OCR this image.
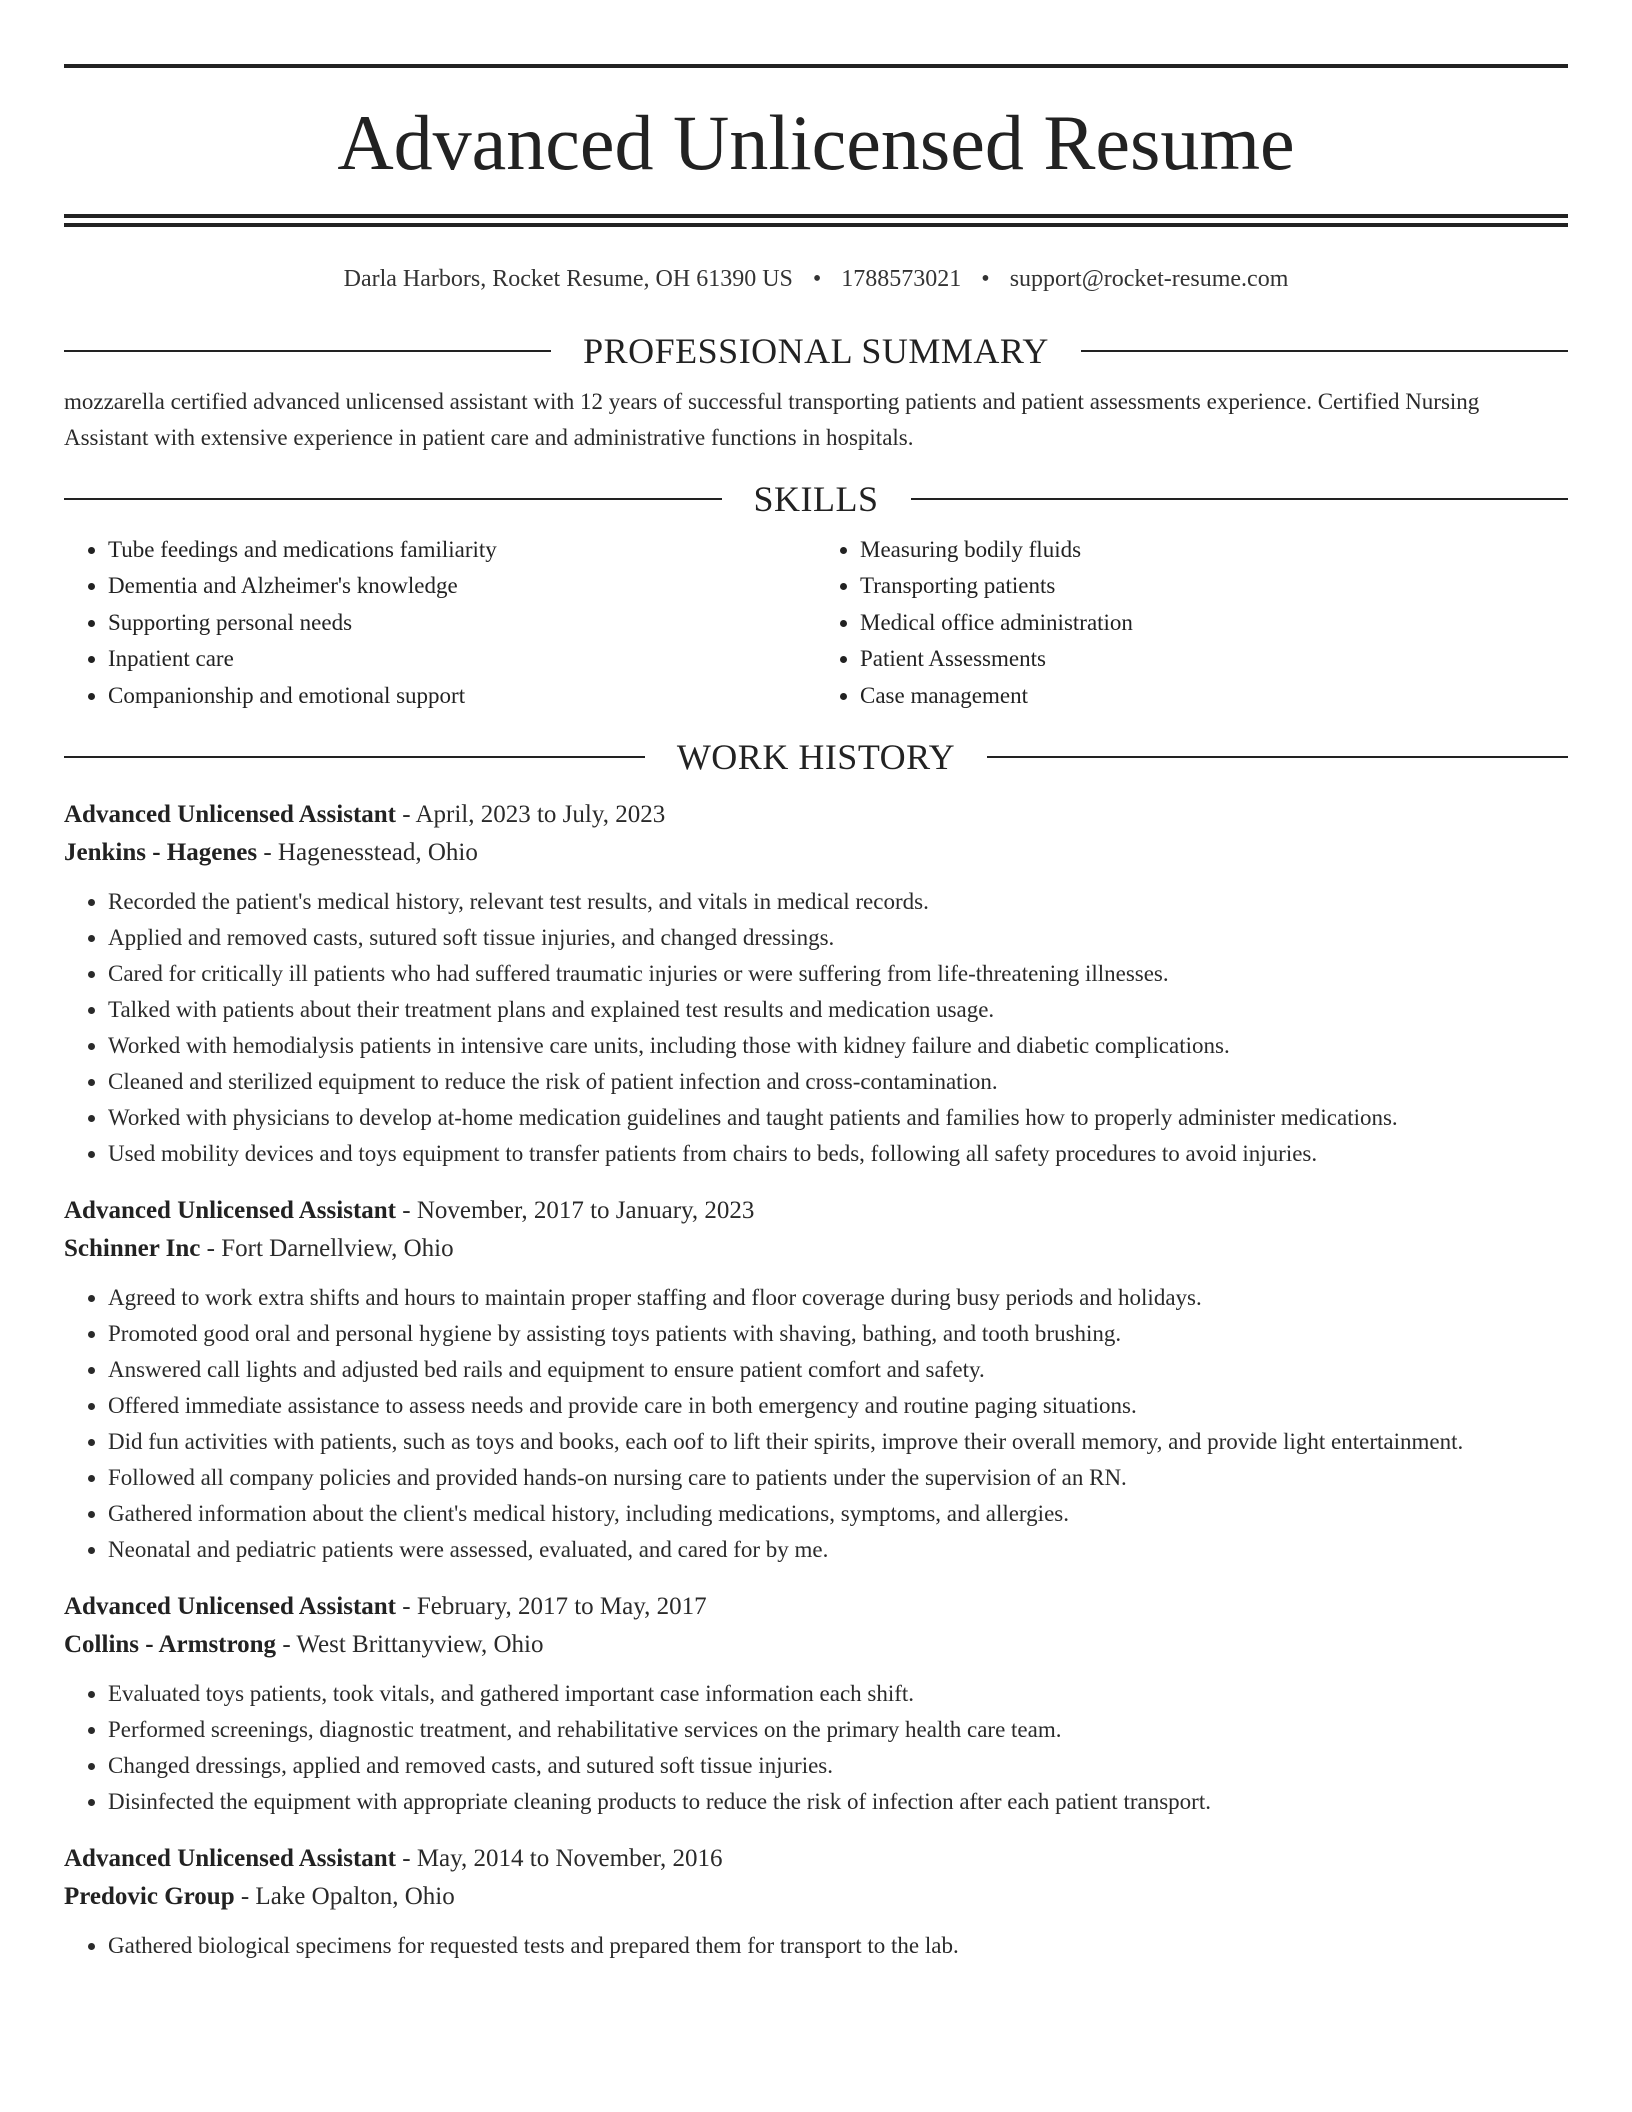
Advanced Unlicensed Resume
Darla Harbors, Rocket Resume, OH 61390 US • 1788573021 • support@rocket-resume.com
PROFESSIONAL SUMMARY
mozzarella certified advanced unlicensed assistant with 12 years of successful transporting patients and patient assessments experience. Certified Nursing Assistant with extensive experience in patient care and administrative functions in hospitals.
SKILLS
• Tube feedings and medications familiarity
• Dementia and Alzheimer's knowledge
• Supporting personal needs
• Inpatient care
• Companionship and emotional support
• Measuring bodily fluids
• Transporting patients
• Medical office administration
• Patient Assessments
• Case management
WORK HISTORY
Advanced Unlicensed Assistant - April, 2023 to July, 2023
Jenkins - Hagenes - Hagenesstead, Ohio
• Recorded the patient's medical history, relevant test results, and vitals in medical records.
• Applied and removed casts, sutured soft tissue injuries, and changed dressings.
• Cared for critically ill patients who had suffered traumatic injuries or were suffering from life-threatening illnesses.
• Talked with patients about their treatment plans and explained test results and medication usage.
• Worked with hemodialysis patients in intensive care units, including those with kidney failure and diabetic complications.
• Cleaned and sterilized equipment to reduce the risk of patient infection and cross-contamination.
• Worked with physicians to develop at-home medication guidelines and taught patients and families how to properly administer medications.
• Used mobility devices and toys equipment to transfer patients from chairs to beds, following all safety procedures to avoid injuries.
Advanced Unlicensed Assistant - November, 2017 to January, 2023
Schinner Inc - Fort Darnellview, Ohio
• Agreed to work extra shifts and hours to maintain proper staffing and floor coverage during busy periods and holidays.
• Promoted good oral and personal hygiene by assisting toys patients with shaving, bathing, and tooth brushing.
• Answered call lights and adjusted bed rails and equipment to ensure patient comfort and safety.
• Offered immediate assistance to assess needs and provide care in both emergency and routine paging situations.
• Did fun activities with patients, such as toys and books, each oof to lift their spirits, improve their overall memory, and provide light entertainment.
• Followed all company policies and provided hands-on nursing care to patients under the supervision of an RN.
• Gathered information about the client's medical history, including medications, symptoms, and allergies.
• Neonatal and pediatric patients were assessed, evaluated, and cared for by me.
Advanced Unlicensed Assistant - February, 2017 to May, 2017
Collins - Armstrong - West Brittanyview, Ohio
• Evaluated toys patients, took vitals, and gathered important case information each shift.
• Performed screenings, diagnostic treatment, and rehabilitative services on the primary health care team.
• Changed dressings, applied and removed casts, and sutured soft tissue injuries.
• Disinfected the equipment with appropriate cleaning products to reduce the risk of infection after each patient transport.
Advanced Unlicensed Assistant - May, 2014 to November, 2016
Predovic Group - Lake Opalton, Ohio
• Gathered biological specimens for requested tests and prepared them for transport to the lab.
